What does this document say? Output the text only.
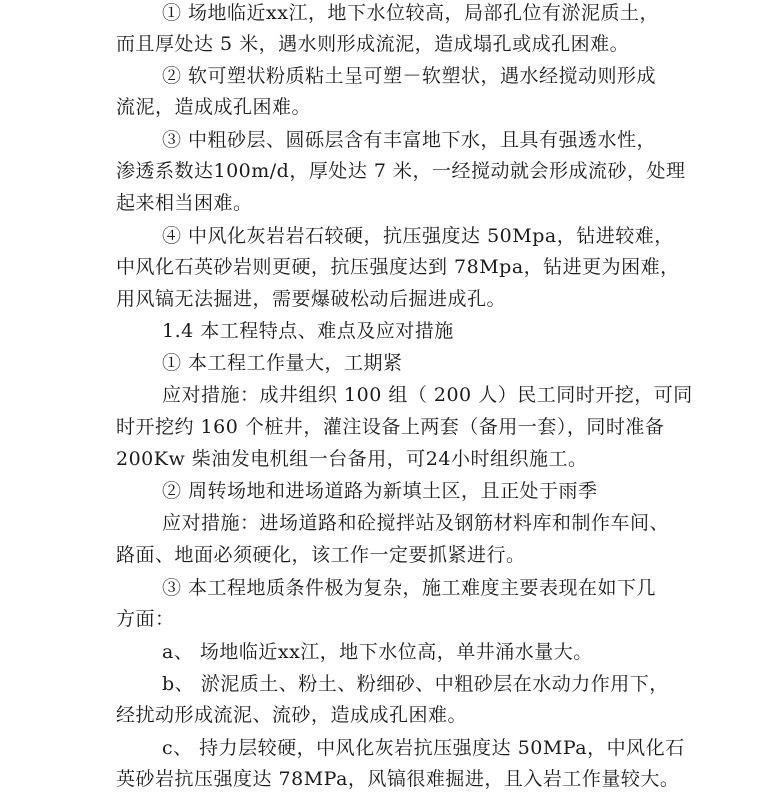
① 场地临近xx江，地下水位较高，局部孔位有淤泥质土，
而且厚处达 5 米，遇水则形成流泥，造成塌孔或成孔困难。
② 软可塑状粉质粘土呈可塑－软塑状，遇水经搅动则形成
流泥，造成成孔困难。
③ 中粗砂层、圆砾层含有丰富地下水，且具有强透水性，
渗透系数达100m/d，厚处达 7 米，一经搅动就会形成流砂，处理
起来相当困难。
④ 中风化灰岩岩石较硬，抗压强度达 50Mpa，钻进较难，
中风化石英砂岩则更硬，抗压强度达到 78Mpa，钻进更为困难，
用风镐无法掘进，需要爆破松动后掘进成孔。
1.4 本工程特点、难点及应对措施
① 本工程工作量大，工期紧
应对措施：成井组织 100 组（ 200 人）民工同时开挖，可同
时开挖约 160 个桩井，灌注设备上两套（备用一套），同时准备
200Kw 柴油发电机组一台备用，可24小时组织施工。
② 周转场地和进场道路为新填土区，且正处于雨季
应对措施：进场道路和砼搅拌站及钢筋材料库和制作车间、
路面、地面必须硬化，该工作一定要抓紧进行。
③ 本工程地质条件极为复杂，施工难度主要表现在如下几
方面：
a、 场地临近xx江，地下水位高，单井涌水量大。
b、 淤泥质土、粉土、粉细砂、中粗砂层在水动力作用下，
经扰动形成流泥、流砂，造成成孔困难。
c、 持力层较硬，中风化灰岩抗压强度达 50MPa，中风化石
英砂岩抗压强度达 78MPa，风镐很难掘进，且入岩工作量较大。
